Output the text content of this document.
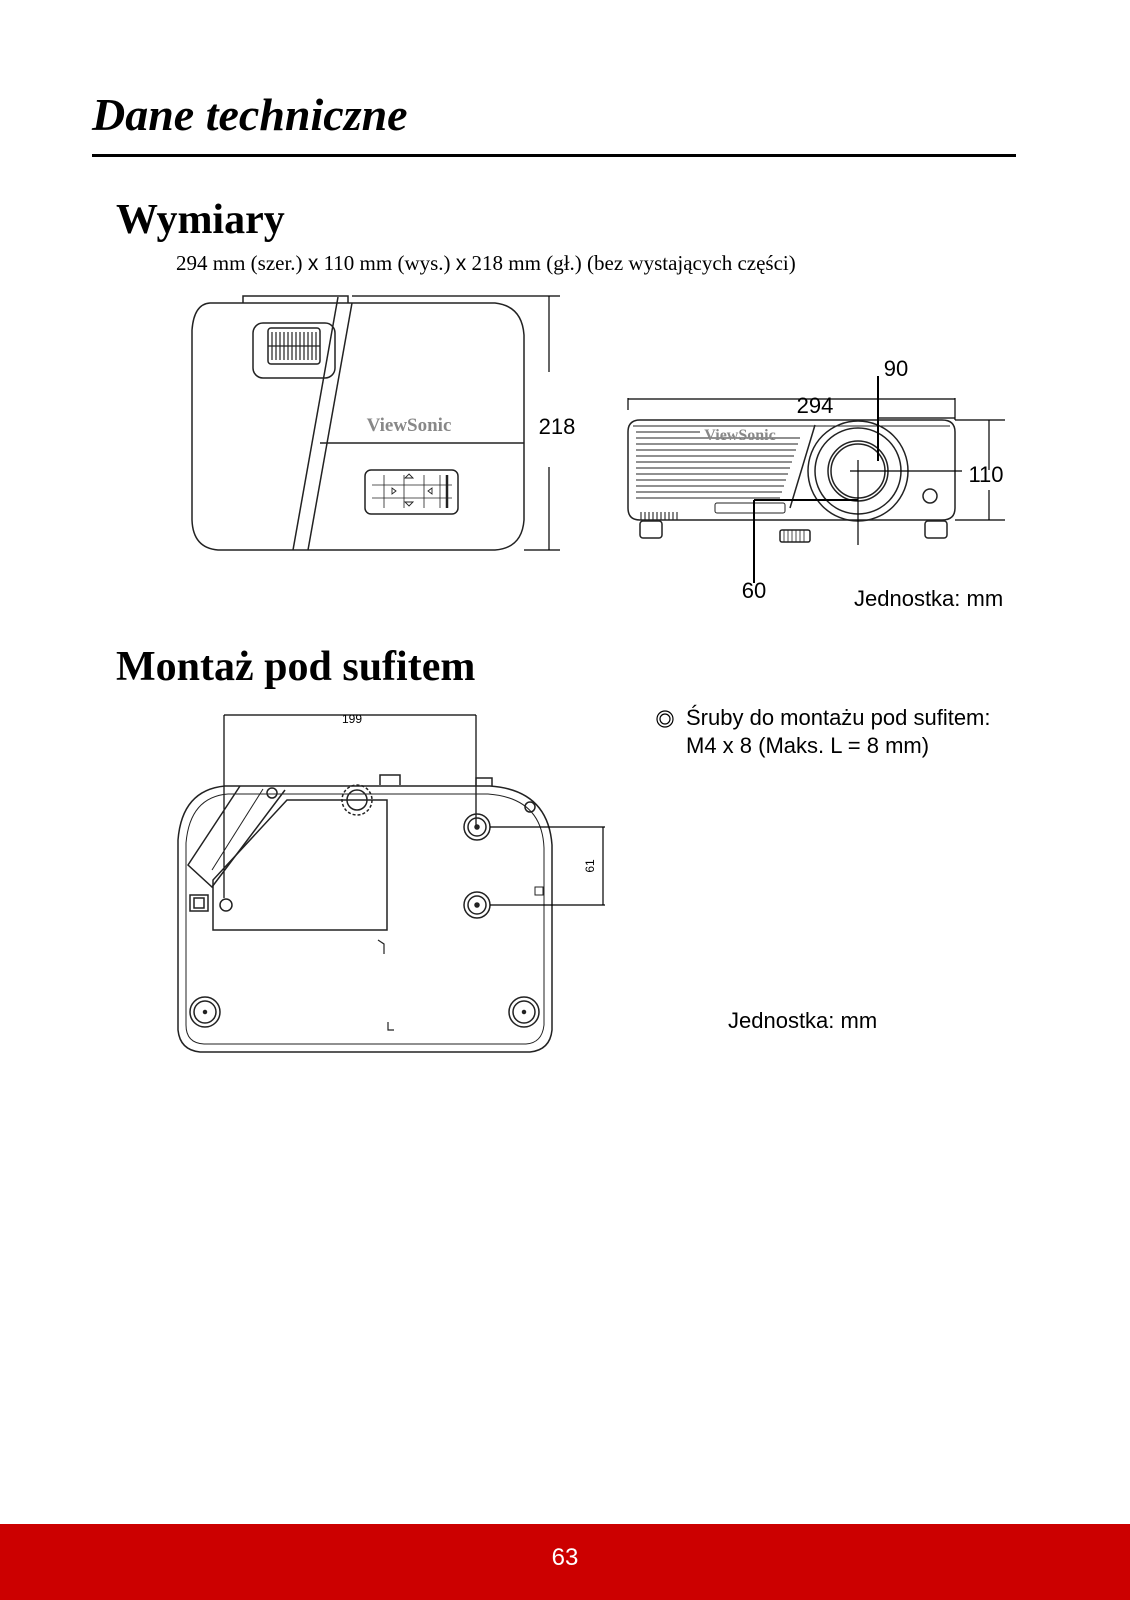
Dane techniczne
Wymiary
294 mm (szer.) x 110 mm (wys.) x 218 mm (gł.) (bez wystających części)
ViewSonic	218	ViewSonic
294
90
110
60
199
61
Jednostka: mm
Montaż pod sufitem
Śruby do montażu pod sufitem:
M4 x 8 (Maks. L = 8 mm)
Jednostka: mm
63
